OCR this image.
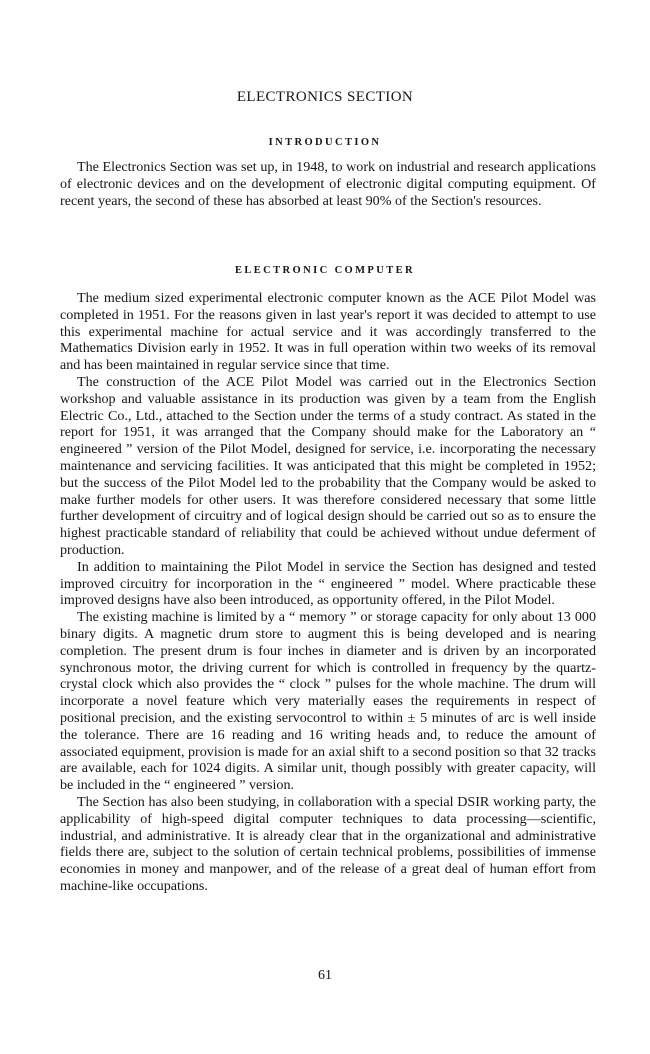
ELECTRONICS SECTION
INTRODUCTION

The Electronics Section was set up, in 1948, to work on industrial and research applications of electronic devices and on the development of electronic digital computing equipment. Of recent years, the second of these has absorbed at least 90% of the Section's resources.

ELECTRONIC COMPUTER

The medium sized experimental electronic computer known as the ACE Pilot Model was completed in 1951. For the reasons given in last year's report it was decided to attempt to use this experimental machine for actual service and it was accordingly transferred to the Mathematics Division early in 1952. It was in full operation within two weeks of its removal and has been maintained in regular service since that time.

The construction of the ACE Pilot Model was carried out in the Electronics Section workshop and valuable assistance in its production was given by a team from the English Electric Co., Ltd., attached to the Section under the terms of a study contract. As stated in the report for 1951, it was arranged that the Company should make for the Laboratory an “ engineered ” version of the Pilot Model, designed for service, i.e. incorporating the necessary maintenance and servicing facilities. It was anticipated that this might be completed in 1952; but the success of the Pilot Model led to the probability that the Company would be asked to make further models for other users. It was therefore considered necessary that some little further development of circuitry and of logical design should be carried out so as to ensure the highest practicable standard of reliability that could be achieved without undue deferment of production.

In addition to maintaining the Pilot Model in service the Section has designed and tested improved circuitry for incorporation in the “ engineered ” model. Where practicable these improved designs have also been introduced, as opportunity offered, in the Pilot Model.

The existing machine is limited by a “ memory ” or storage capacity for only about 13 000 binary digits. A magnetic drum store to augment this is being developed and is nearing completion. The present drum is four inches in diameter and is driven by an incorporated synchronous motor, the driving current for which is controlled in frequency by the quartz-crystal clock which also provides the “ clock ” pulses for the whole machine. The drum will incorporate a novel feature which very materially eases the requirements in respect of positional precision, and the existing servocontrol to within ± 5 minutes of arc is well inside the tolerance. There are 16 reading and 16 writing heads and, to reduce the amount of associated equipment, provision is made for an axial shift to a second position so that 32 tracks are available, each for 1024 digits. A similar unit, though possibly with greater capacity, will be included in the “ engineered ” version.

The Section has also been studying, in collaboration with a special DSIR working party, the applicability of high-speed digital computer techniques to data processing—scientific, industrial, and administrative. It is already clear that in the organizational and administrative fields there are, subject to the solution of certain technical problems, possibilities of immense economies in money and manpower, and of the release of a great deal of human effort from machine-like occupations.

61
